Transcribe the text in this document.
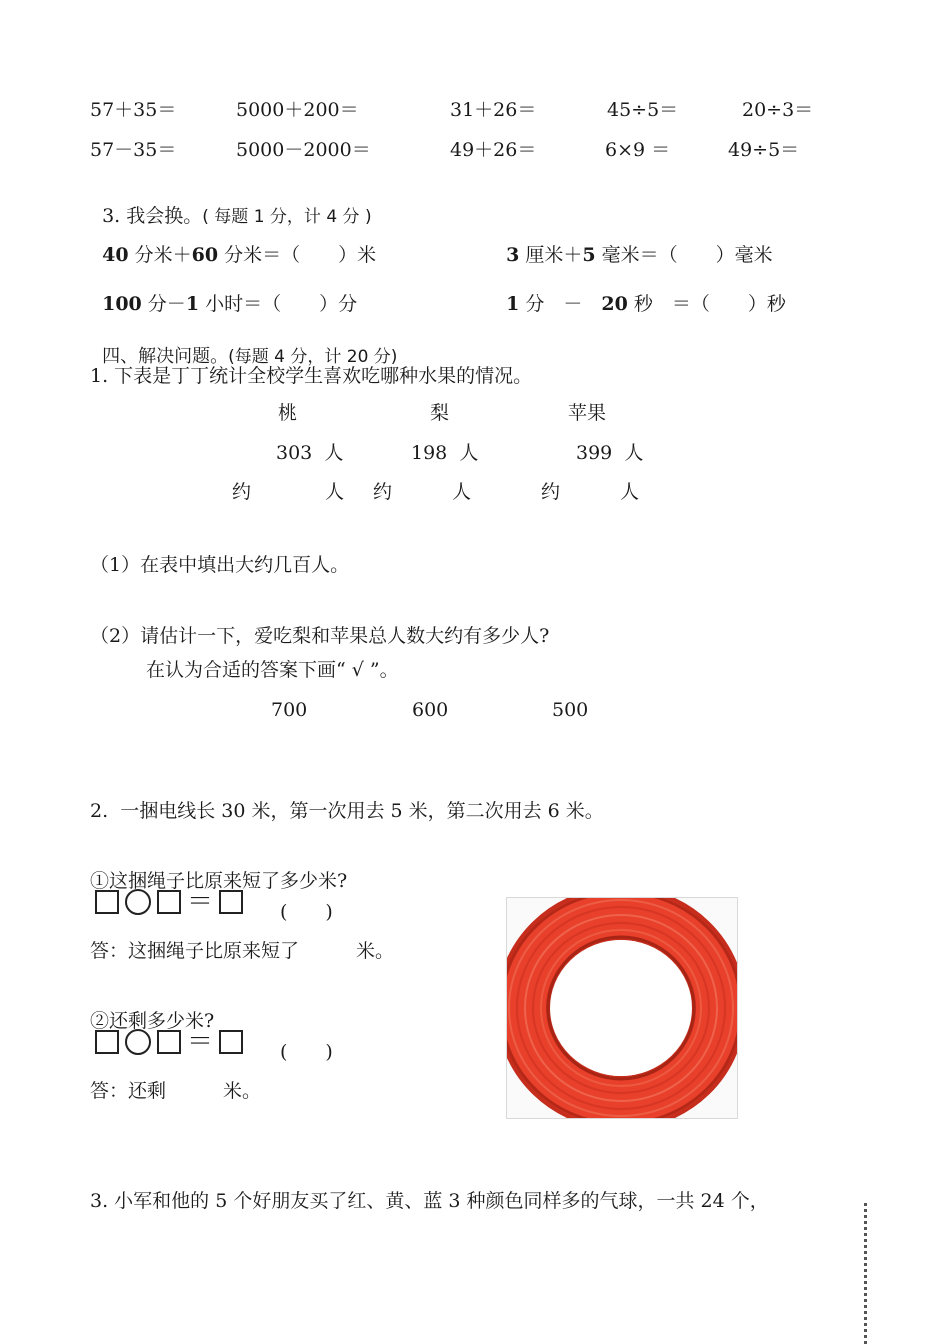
57＋35＝	5000＋200＝	31＋26＝	45÷5＝	20÷3＝
57－35＝	5000－2000＝	49＋26＝	6×9 ＝	49÷5＝

3. 我会换。( 每题 1 分，计 4 分 )

40 分米＋60 分米＝（　　）米	3 厘米＋5 毫米＝（　　）毫米

100 分－1 小时＝（　　）分	1 分　－　20 秒　＝（　　）秒

四、解决问题。(每题 4 分，计 20 分)

1. 下表是丁丁统计全校学生喜欢吃哪种水果的情况。
桃	梨	苹果
303  人	198  人	399  人
约	人 约	人	约	人
（1）在表中填出大约几百人。
（2）请估计一下，爱吃梨和苹果总人数大约有多少人?
在认为合适的答案下画“ √ ”。
700	600	500
2.  一捆电线长 30 米，第一次用去 5 米，第二次用去 6 米。
①这捆绳子比原来短了多少米?
＝	(　　)
答：这捆绳子比原来短了　　　米。
②还剩多少米?
＝	(　　)
答：还剩　　　米。
3. 小军和他的 5 个好朋友买了红、黄、蓝 3 种颜色同样多的气球，一共 24 个，
